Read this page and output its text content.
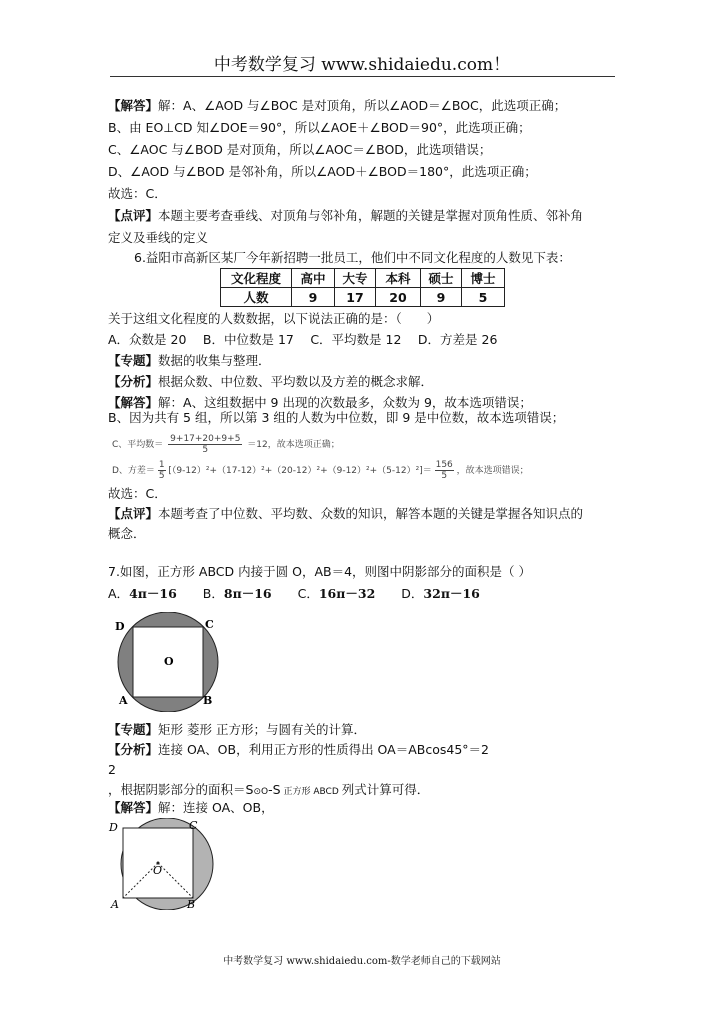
中考数学复习 www.shidaiedu.com！
【解答】解：A、∠AOD 与∠BOC 是对顶角，所以∠AOD＝∠BOC，此选项正确；
B、由 EO⊥CD 知∠DOE＝90°，所以∠AOE＋∠BOD＝90°，此选项正确；
C、∠AOC 与∠BOD 是对顶角，所以∠AOC＝∠BOD，此选项错误；
D、∠AOD 与∠BOD 是邻补角，所以∠AOD＋∠BOD＝180°，此选项正确；
故选：C．
【点评】本题主要考查垂线、对顶角与邻补角，解题的关键是掌握对顶角性质、邻补角
定义及垂线的定义
6.益阳市高新区某厂今年新招聘一批员工，他们中不同文化程度的人数见下表：
文化程度	高中	大专	本科	硕士	博士
人数	9	17	20	9	5
关于这组文化程度的人数数据，以下说法正确的是：（　　）
A．众数是 20　 B．中位数是 17　 C．平均数是 12　 D．方差是 26
【专题】数据的收集与整理．
【分析】根据众数、中位数、平均数以及方差的概念求解．
【解答】解：A、这组数据中 9 出现的次数最多，众数为 9，故本选项错误；
B、因为共有 5 组，所以第 3 组的人数为中位数，即 9 是中位数，故本选项错误；
C、平均数＝ $\frac{9+17+20+9+5}{5} =12$，故本选项正确；
D、方差＝ $\frac{1}{5} [(9-12)^2+(17-12)^2+(20-12)^2+(9-12)^2+(5-12)^2]= \frac{156}{5}$ ，故本选项错误；
故选：C．
【点评】本题考查了中位数、平均数、众数的知识，解答本题的关键是掌握各知识点的
概念．
7.如图，正方形 ABCD 内接于圆 O，AB＝4，则图中阴影部分的面积是（ ）
A．4π－16 B．8π－16 C．16π－32 D．32π－16
D	C
O
A	B
【专题】矩形 菱形 正方形；与圆有关的计算．
【分析】连接 OA、OB，利用正方形的性质得出 OA＝ABcos45°＝2
2
，根据阴影部分的面积＝S⊙O-S 正方形 ABCD 列式计算可得．
【解答】解：连接 OA、OB，
D	C
O
A	B
中考数学复习 www.shidaiedu.com-数学老师自己的下载网站
